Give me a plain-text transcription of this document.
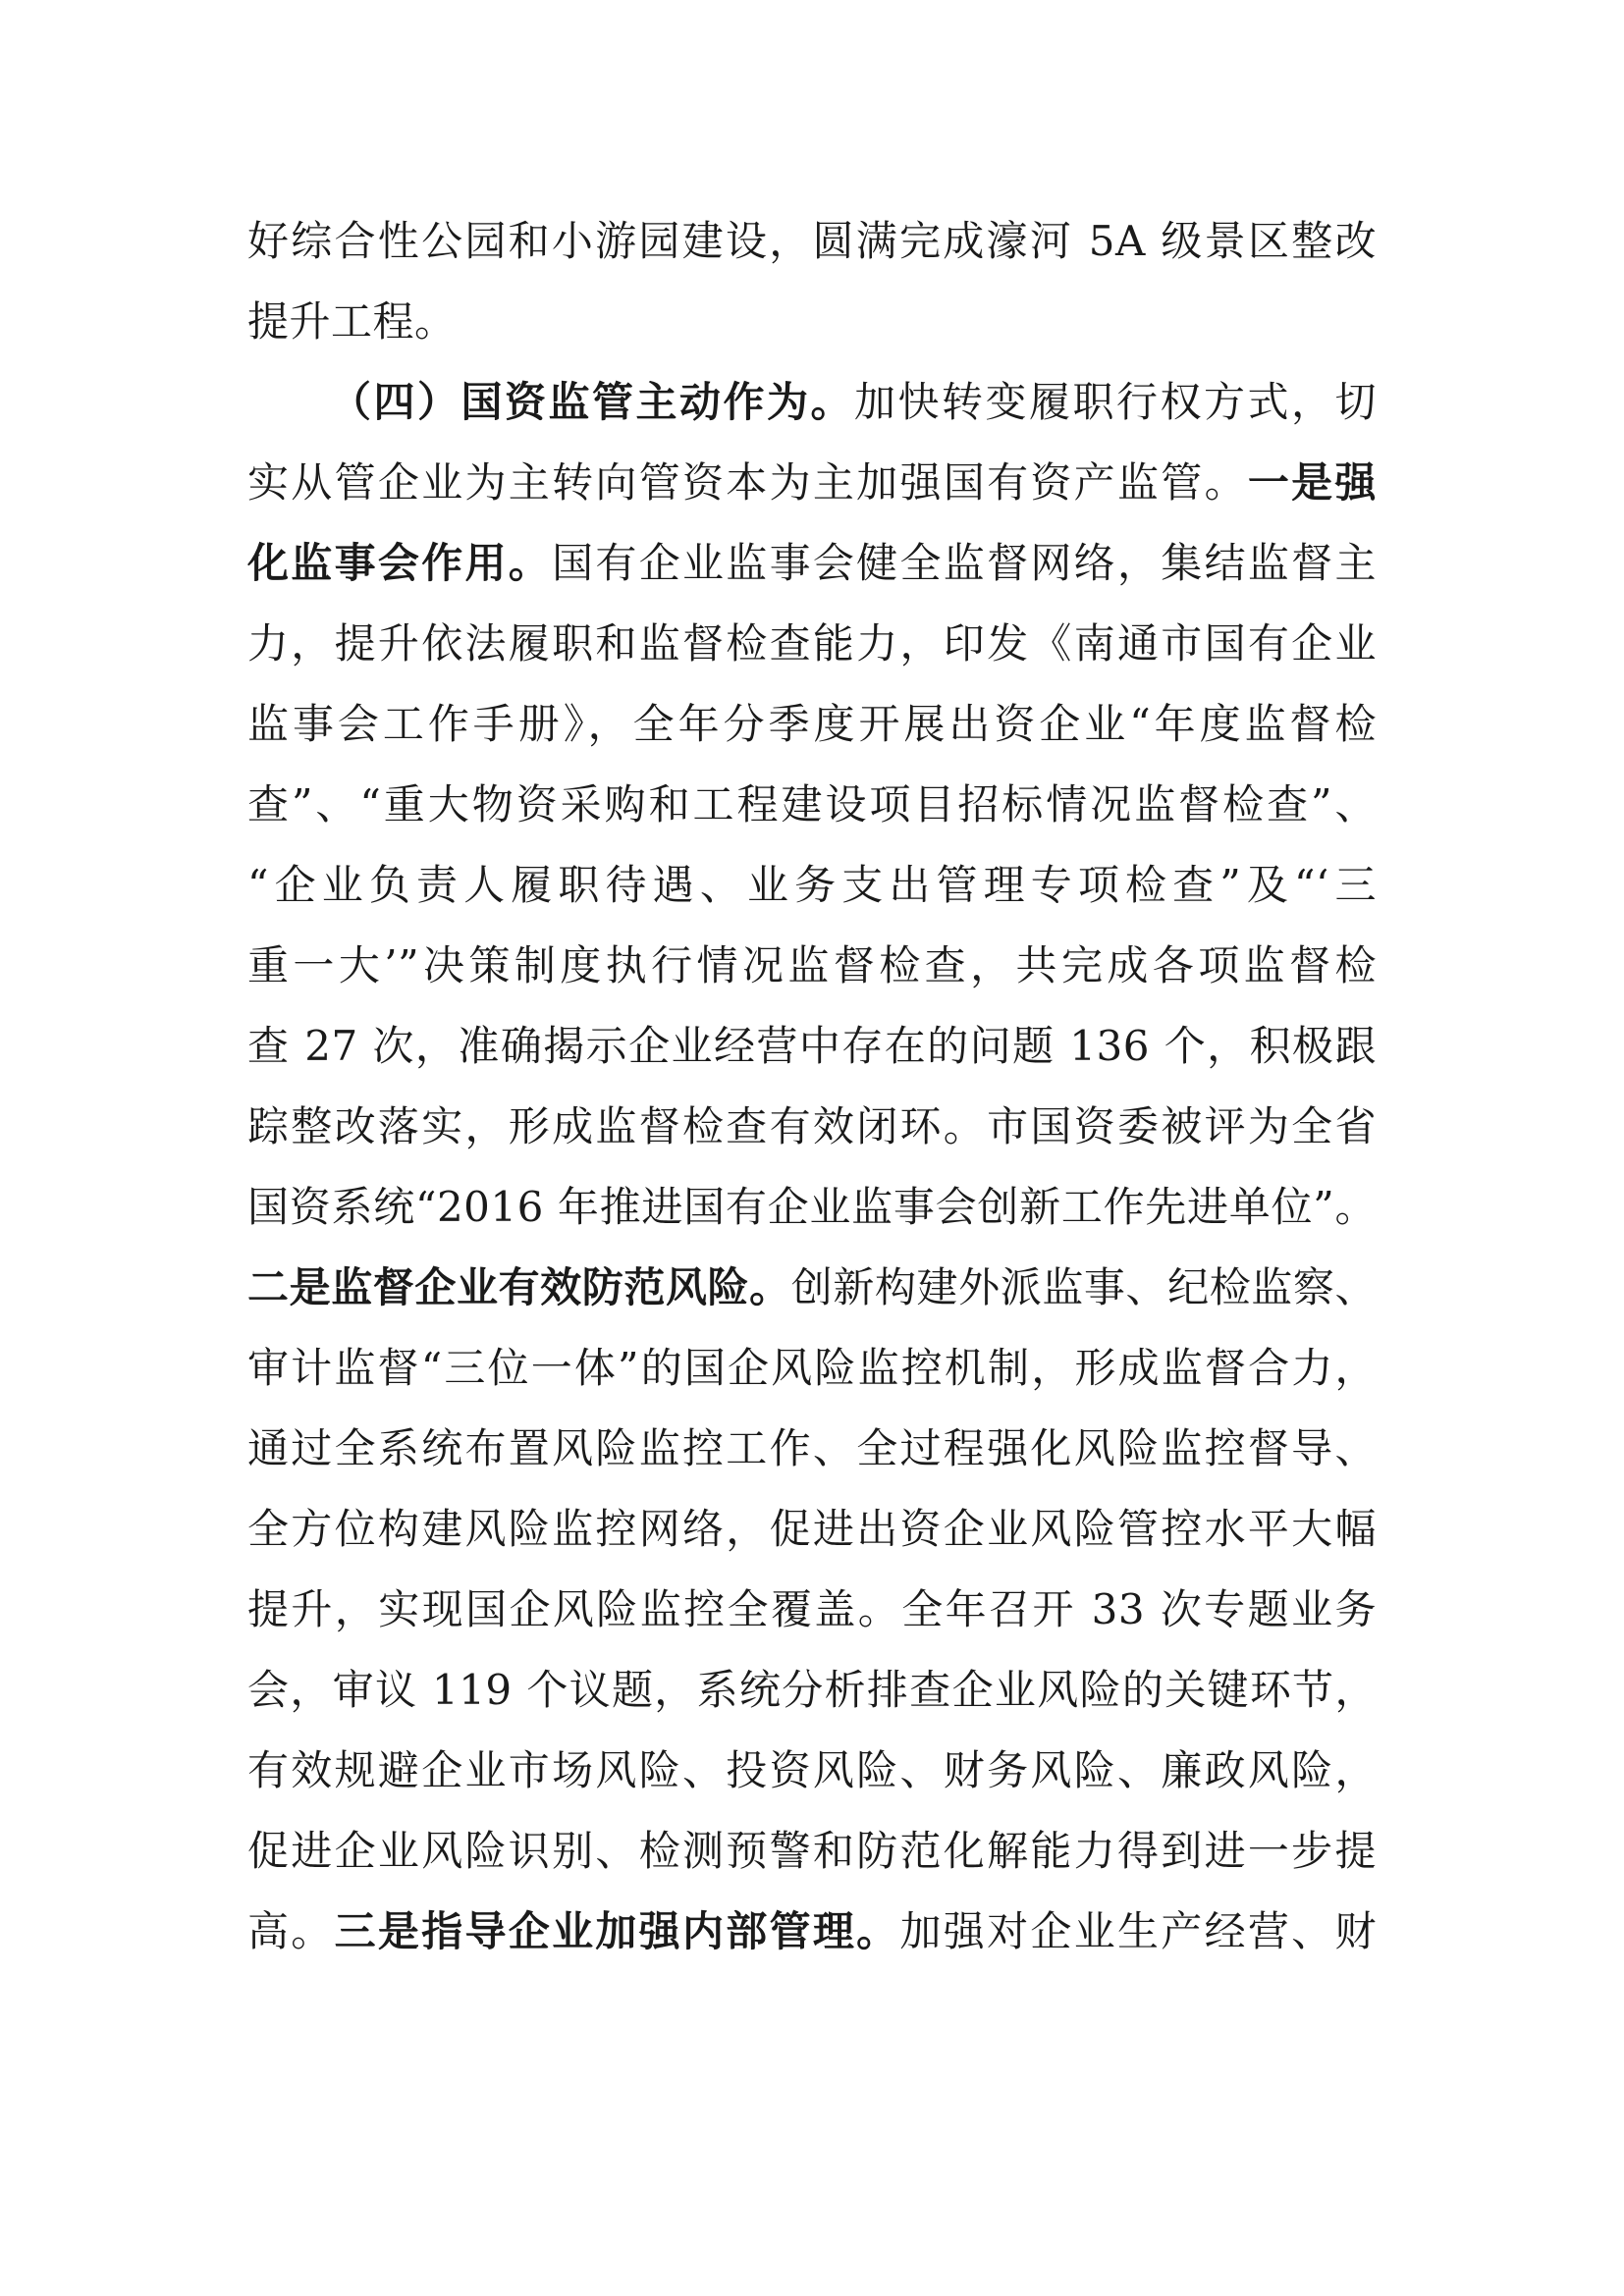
好综合性公园和小游园建设，圆满完成濠河 5A 级景区整改
提升工程。
（四）国资监管主动作为。加快转变履职行权方式，切
实从管企业为主转向管资本为主加强国有资产监管。一是强
化监事会作用。国有企业监事会健全监督网络，集结监督主
力，提升依法履职和监督检查能力，印发《南通市国有企业
监事会工作手册》，全年分季度开展出资企业“年度监督检
查”、“重大物资采购和工程建设项目招标情况监督检查”、
“企业负责人履职待遇、业务支出管理专项检查”及“‘三
重一大’”决策制度执行情况监督检查，共完成各项监督检
查 27 次，准确揭示企业经营中存在的问题 136 个，积极跟
踪整改落实，形成监督检查有效闭环。市国资委被评为全省
国资系统“2016 年推进国有企业监事会创新工作先进单位”。
二是监督企业有效防范风险。创新构建外派监事、纪检监察、
审计监督“三位一体”的国企风险监控机制，形成监督合力，
通过全系统布置风险监控工作、全过程强化风险监控督导、
全方位构建风险监控网络，促进出资企业风险管控水平大幅
提升，实现国企风险监控全覆盖。全年召开 33 次专题业务
会，审议 119 个议题，系统分析排查企业风险的关键环节，
有效规避企业市场风险、投资风险、财务风险、廉政风险，
促进企业风险识别、检测预警和防范化解能力得到进一步提
高。三是指导企业加强内部管理。加强对企业生产经营、财
